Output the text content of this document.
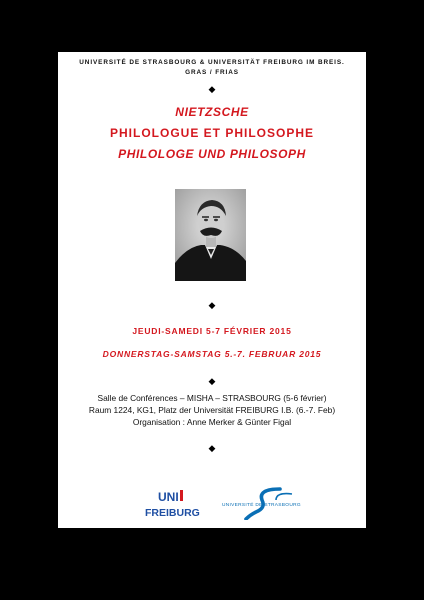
UNIVERSITÉ DE STRASBOURG & UNIVERSITÄT FREIBURG IM BREIS.
GRAS / FRIAS
◆
NIETZSCHE
PHILOLOGUE ET PHILOSOPHE
PHILOLOGE UND PHILOSOPH
◆
JEUDI-SAMEDI 5-7 FÉVRIER 2015
DONNERSTAG-SAMSTAG 5.-7. FEBRUAR 2015
◆
Salle de Conférences – MISHA – STRASBOURG (5-6 février)
Raum 1224, KG1, Platz der Universität FREIBURG I.B. (6.-7. Feb)
Organisation : Anne Merker & Günter Figal
◆
UNI
FREIBURG
UNIVERSITÉ DE STRASBOURG
